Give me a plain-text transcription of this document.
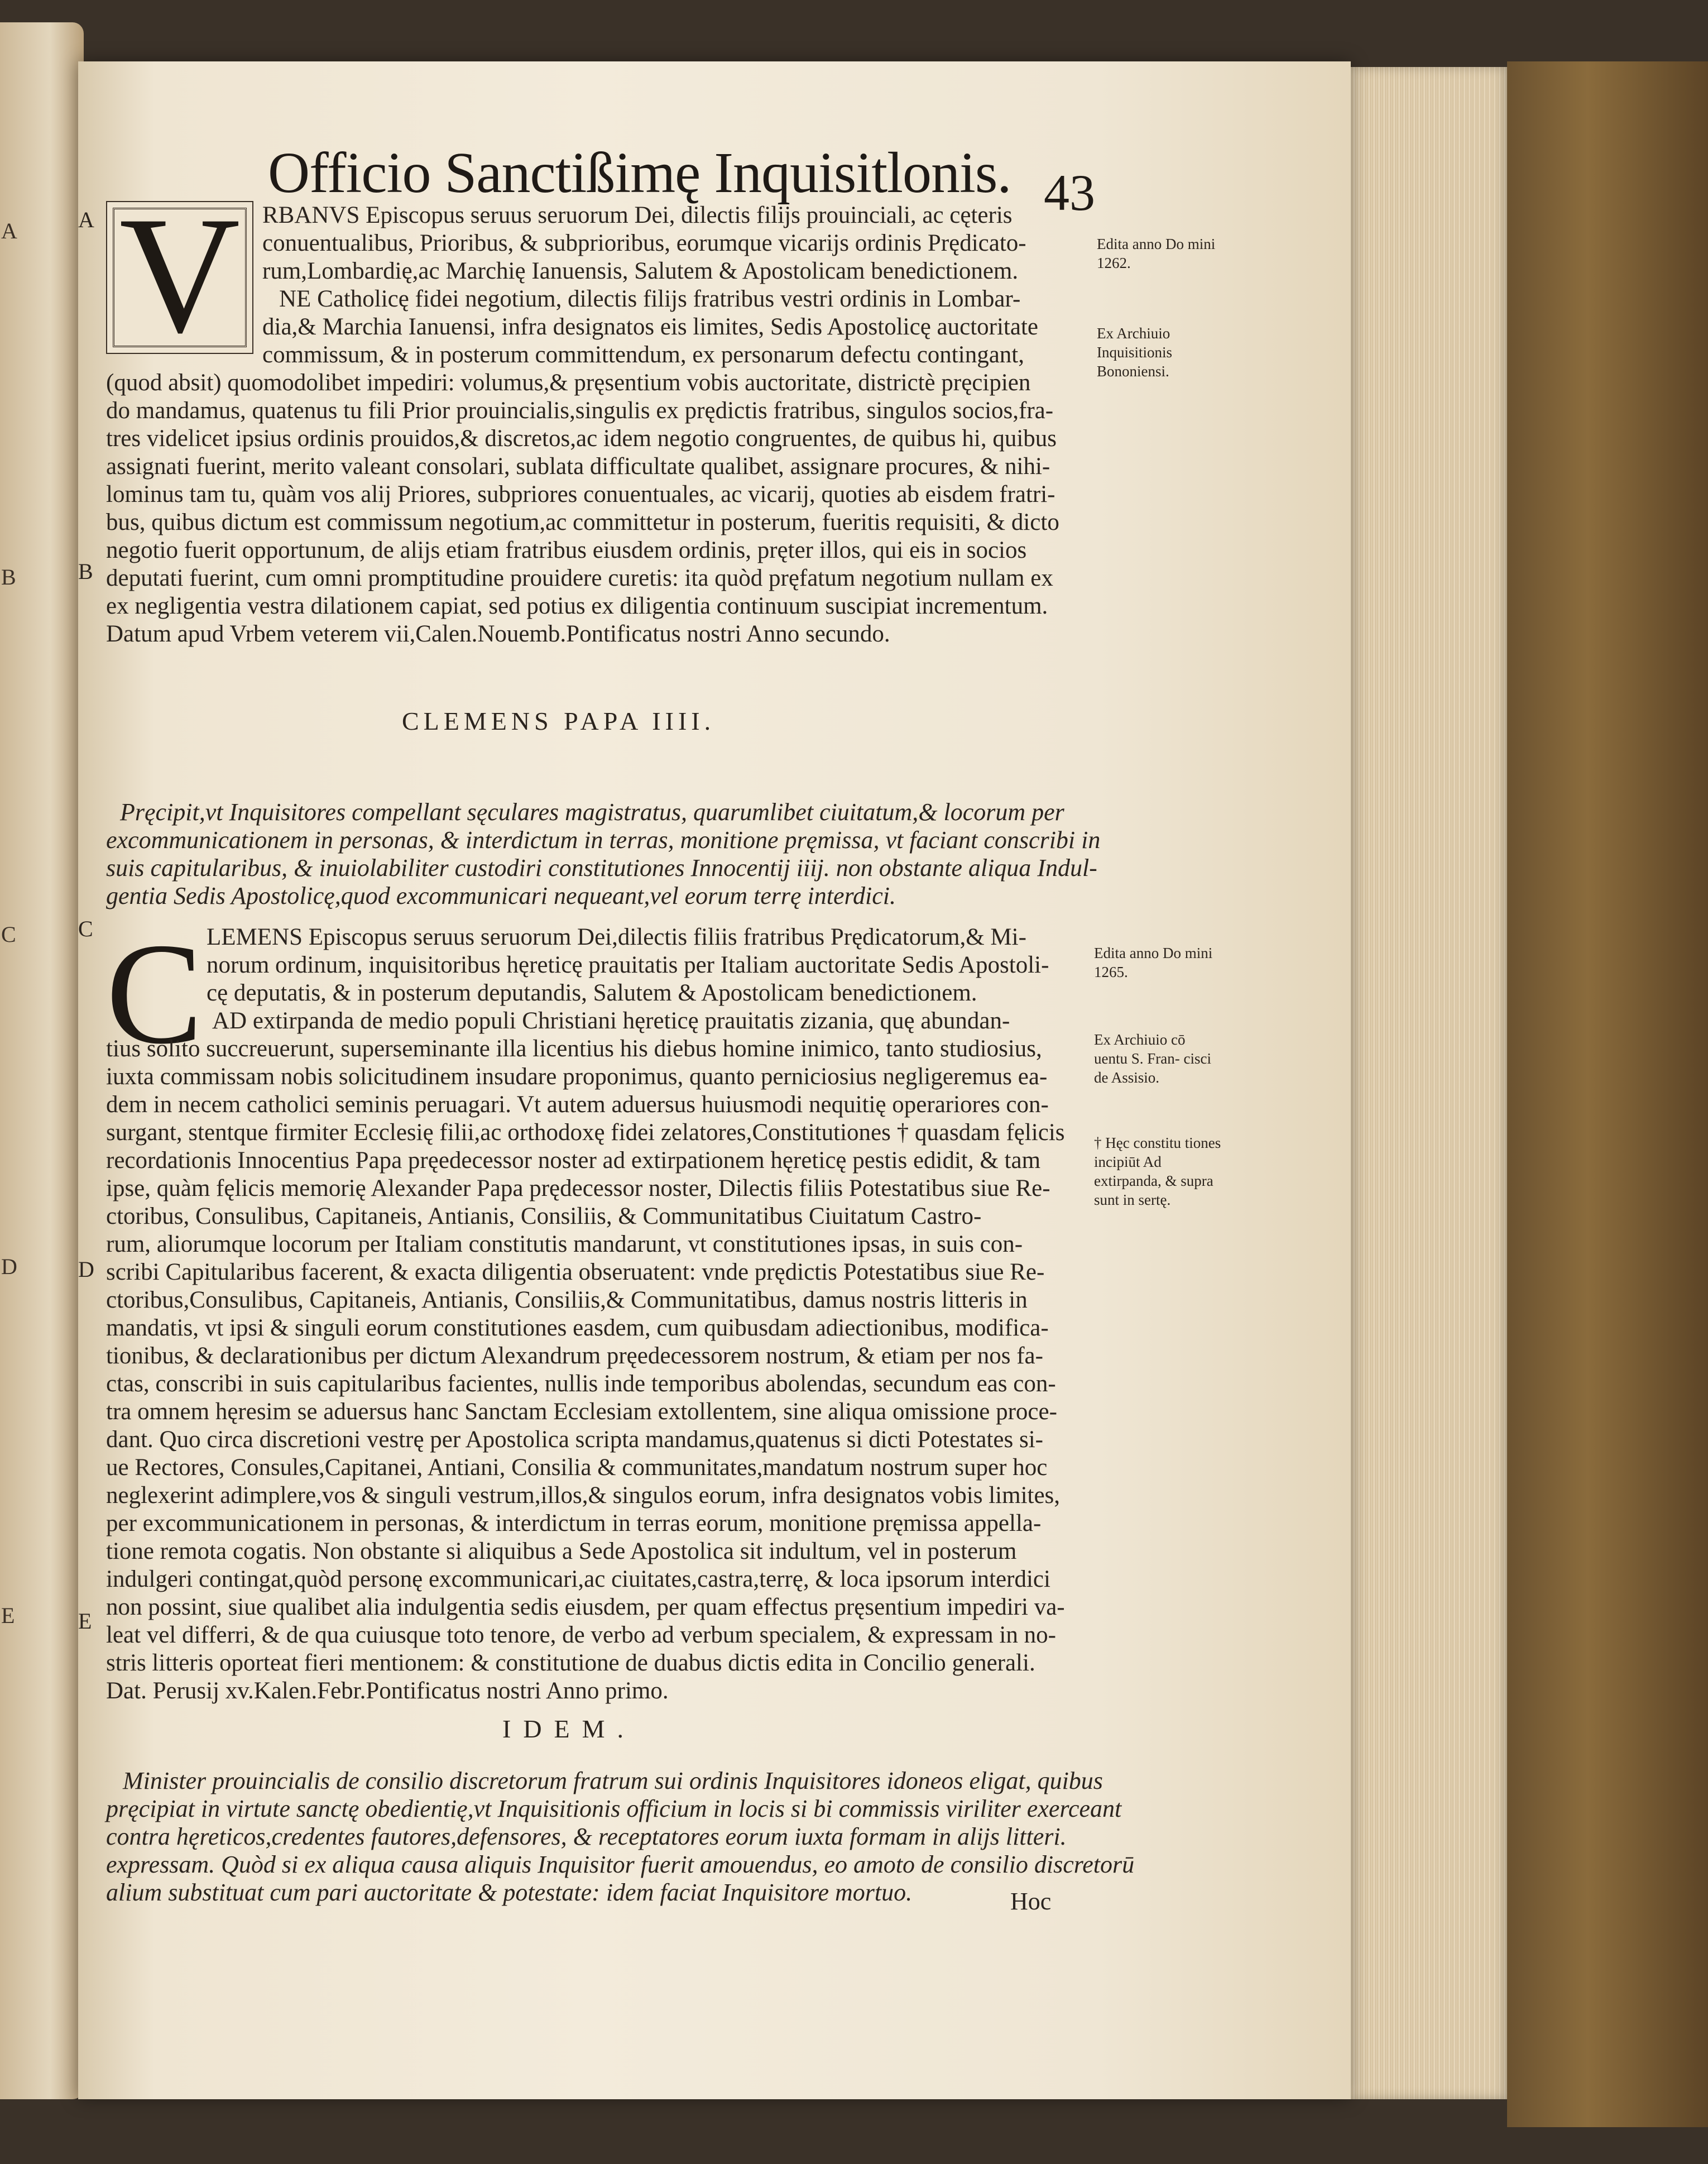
A
B
C
D
E
Officio Sanctißimę Inquisitlonis. 43
A
B
C
D
E
V RBANVS Episcopus seruus seruorum Dei, dilectis filijs prouinciali, ac cęteris
conuentualibus, Prioribus, & subprioribus, eorumque vicarijs ordinis Prędicato-
rum,Lombardię,ac Marchię Ianuensis, Salutem & Apostolicam benedictionem.
NE Catholicę fidei negotium, dilectis filijs fratribus vestri ordinis in Lombar-
dia,& Marchia Ianuensi, infra designatos eis limites, Sedis Apostolicę auctoritate
commissum, & in posterum committendum, ex personarum defectu contingant,
(quod absit) quomodolibet impediri: volumus,& pręsentium vobis auctoritate, districtè pręcipien
do mandamus, quatenus tu fili Prior prouincialis,singulis ex prędictis fratribus, singulos socios,fra-
tres videlicet ipsius ordinis prouidos,& discretos,ac idem negotio congruentes, de quibus hi, quibus
assignati fuerint, merito valeant consolari, sublata difficultate qualibet, assignare procures, & nihi-
lominus tam tu, quàm vos alij Priores, subpriores conuentuales, ac vicarij, quoties ab eisdem fratri-
bus, quibus dictum est commissum negotium,ac committetur in posterum, fueritis requisiti, & dicto
negotio fuerit opportunum, de alijs etiam fratribus eiusdem ordinis, pręter illos, qui eis in socios
deputati fuerint, cum omni promptitudine prouidere curetis: ita quòd pręfatum negotium nullam ex
ex negligentia vestra dilationem capiat, sed potius ex diligentia continuum suscipiat incrementum.
Datum apud Vrbem veterem vii,Calen.Nouemb.Pontificatus nostri Anno secundo.
Edita anno Do mini 1262.
Ex Archiuio Inquisitionis Bononiensi.
CLEMENS PAPA IIII.
Pręcipit,vt Inquisitores compellant sęculares magistratus, quarumlibet ciuitatum,& locorum per
excommunicationem in personas, & interdictum in terras, monitione pręmissa, vt faciant conscribi in
suis capitularibus, & inuiolabiliter custodiri constitutiones Innocentij iiij. non obstante aliqua Indul-
gentia Sedis Apostolicę,quod excommunicari nequeant,vel eorum terrę interdici.
C LEMENS Episcopus seruus seruorum Dei,dilectis filiis fratribus Prędicatorum,& Mi-
norum ordinum, inquisitoribus hęreticę prauitatis per Italiam auctoritate Sedis Apostoli-
cę deputatis, & in posterum deputandis, Salutem & Apostolicam benedictionem.
AD extirpanda de medio populi Christiani hęreticę prauitatis zizania, quę abundan-
tius solito succreuerunt, superseminante illa licentius his diebus homine inimico, tanto studiosius,
iuxta commissam nobis solicitudinem insudare proponimus, quanto perniciosius negligeremus ea-
dem in necem catholici seminis peruagari. Vt autem aduersus huiusmodi nequitię operariores con-
surgant, stentque firmiter Ecclesię filii,ac orthodoxę fidei zelatores,Constitutiones † quasdam fęlicis
recordationis Innocentius Papa pręedecessor noster ad extirpationem hęreticę pestis edidit, & tam
ipse, quàm fęlicis memorię Alexander Papa prędecessor noster, Dilectis filiis Potestatibus siue Re-
ctoribus, Consulibus, Capitaneis, Antianis, Consiliis, & Communitatibus Ciuitatum Castro-
rum, aliorumque locorum per Italiam constitutis mandarunt, vt constitutiones ipsas, in suis con-
scribi Capitularibus facerent, & exacta diligentia obseruatent: vnde prędictis Potestatibus siue Re-
ctoribus,Consulibus, Capitaneis, Antianis, Consiliis,& Communitatibus, damus nostris litteris in
mandatis, vt ipsi & singuli eorum constitutiones easdem, cum quibusdam adiectionibus, modifica-
tionibus, & declarationibus per dictum Alexandrum pręedecessorem nostrum, & etiam per nos fa-
ctas, conscribi in suis capitularibus facientes, nullis inde temporibus abolendas, secundum eas con-
tra omnem hęresim se aduersus hanc Sanctam Ecclesiam extollentem, sine aliqua omissione proce-
dant. Quo circa discretioni vestrę per Apostolica scripta mandamus,quatenus si dicti Potestates si-
ue Rectores, Consules,Capitanei, Antiani, Consilia & communitates,mandatum nostrum super hoc
neglexerint adimplere,vos & singuli vestrum,illos,& singulos eorum, infra designatos vobis limites,
per excommunicationem in personas, & interdictum in terras eorum, monitione pręmissa appella-
tione remota cogatis. Non obstante si aliquibus a Sede Apostolica sit indultum, vel in posterum
indulgeri contingat,quòd personę excommunicari,ac ciuitates,castra,terrę, & loca ipsorum interdici
non possint, siue qualibet alia indulgentia sedis eiusdem, per quam effectus pręsentium impediri va-
leat vel differri, & de qua cuiusque toto tenore, de verbo ad verbum specialem, & expressam in no-
stris litteris oporteat fieri mentionem: & constitutione de duabus dictis edita in Concilio generali.
Dat. Perusij xv.Kalen.Febr.Pontificatus nostri Anno primo.
Edita anno Do mini 1265.
Ex Archiuio cō uentu S. Fran- cisci de Assisio.
† Hęc constitu tiones incipiūt Ad extirpanda, & supra sunt in sertę.
IDEM.
Minister prouincialis de consilio discretorum fratrum sui ordinis Inquisitores idoneos eligat, quibus
pręcipiat in virtute sanctę obedientię,vt Inquisitionis officium in locis si bi commissis viriliter exerceant
contra hęreticos,credentes fautores,defensores, & receptatores eorum iuxta formam in alijs litteri.
expressam. Quòd si ex aliqua causa aliquis Inquisitor fuerit amouendus, eo amoto de consilio discretorū
alium substituat cum pari auctoritate & potestate: idem faciat Inquisitore mortuo.	Hoc
